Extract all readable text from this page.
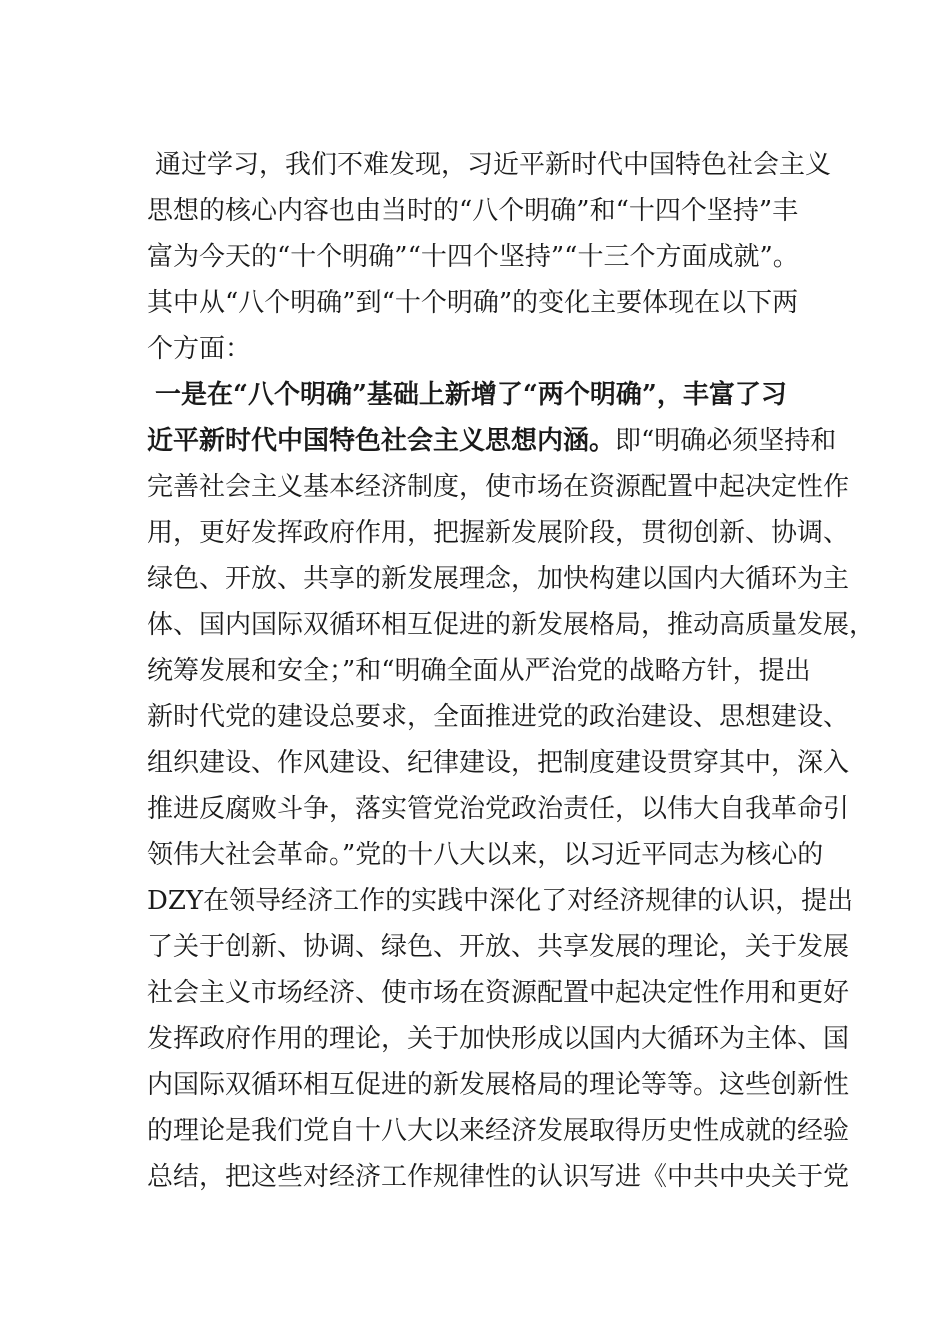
通过学习，我们不难发现，习近平新时代中国特色社会主义
思想的核心内容也由当时的“八个明确”和“十四个坚持”丰
富为今天的“十个明确”“十四个坚持”“十三个方面成就”。
其中从“八个明确”到“十个明确”的变化主要体现在以下两
个方面：
一是在“八个明确”基础上新增了“两个明确”，丰富了习
近平新时代中国特色社会主义思想内涵。即“明确必须坚持和
完善社会主义基本经济制度，使市场在资源配置中起决定性作
用，更好发挥政府作用，把握新发展阶段，贯彻创新、协调、
绿色、开放、共享的新发展理念，加快构建以国内大循环为主
体、国内国际双循环相互促进的新发展格局，推动高质量发展，
统筹发展和安全；”和“明确全面从严治党的战略方针，提出
新时代党的建设总要求，全面推进党的政治建设、思想建设、
组织建设、作风建设、纪律建设，把制度建设贯穿其中，深入
推进反腐败斗争，落实管党治党政治责任，以伟大自我革命引
领伟大社会革命。”党的十八大以来，以习近平同志为核心的
DZY在领导经济工作的实践中深化了对经济规律的认识，提出
了关于创新、协调、绿色、开放、共享发展的理论，关于发展
社会主义市场经济、使市场在资源配置中起决定性作用和更好
发挥政府作用的理论，关于加快形成以国内大循环为主体、国
内国际双循环相互促进的新发展格局的理论等等。这些创新性
的理论是我们党自十八大以来经济发展取得历史性成就的经验
总结，把这些对经济工作规律性的认识写进《中共中央关于党
